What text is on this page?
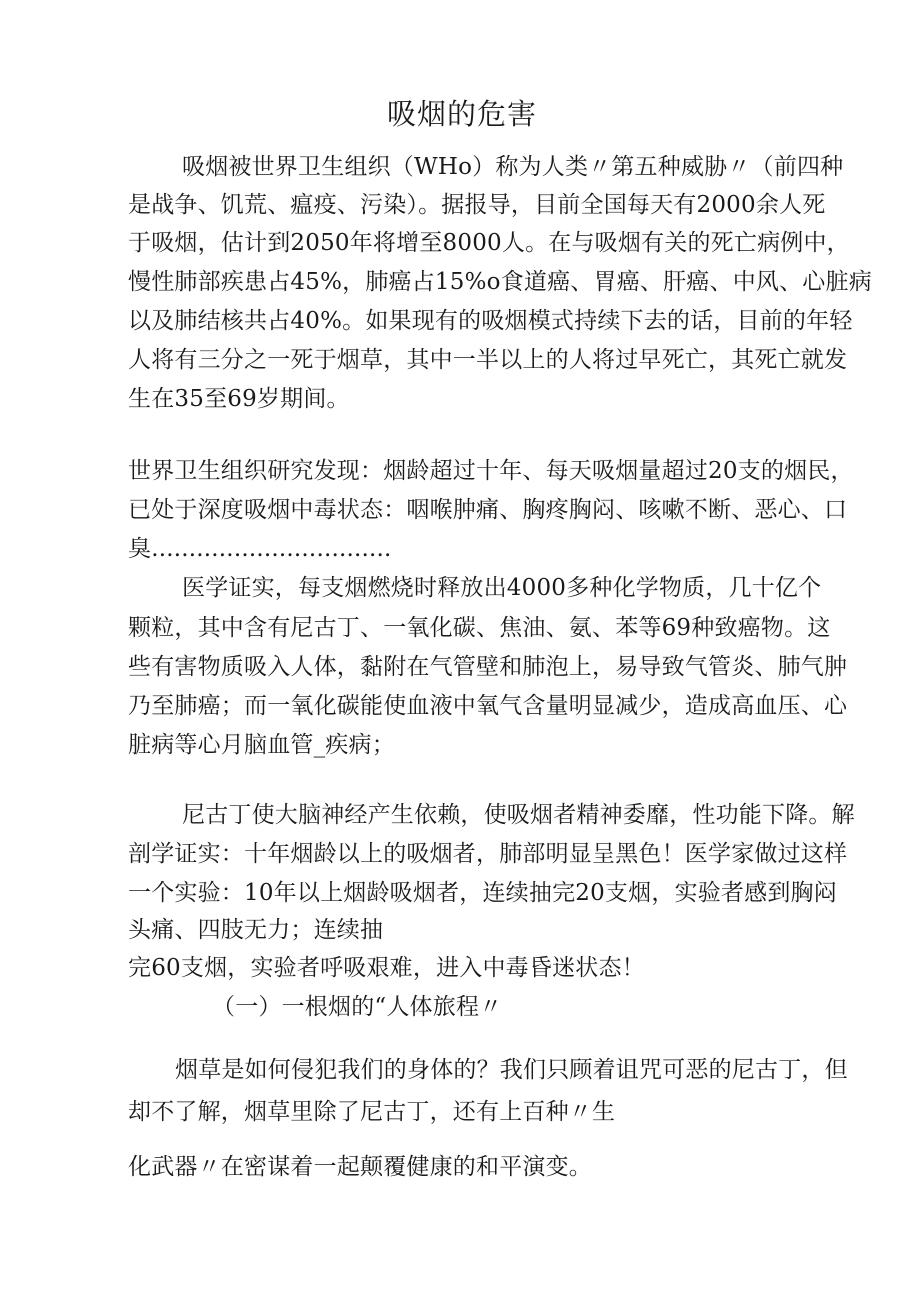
吸烟的危害
吸烟被世界卫生组织（WHo）称为人类〃第五种威胁〃（前四种
是战争、饥荒、瘟疫、污染）。据报导，目前全国每天有2000余人死
于吸烟，估计到2050年将增至8000人。在与吸烟有关的死亡病例中，
慢性肺部疾患占45%，肺癌占15%o食道癌、胃癌、肝癌、中风、心脏病
以及肺结核共占40%。如果现有的吸烟模式持续下去的话，目前的年轻
人将有三分之一死于烟草，其中一半以上的人将过早死亡，其死亡就发
生在35至69岁期间。
世界卫生组织研究发现：烟龄超过十年、每天吸烟量超过20支的烟民，
已处于深度吸烟中毒状态：咽喉肿痛、胸疼胸闷、咳嗽不断、恶心、口
臭................................
医学证实，每支烟燃烧时释放出4000多种化学物质，几十亿个
颗粒，其中含有尼古丁、一氧化碳、焦油、氨、苯等69种致癌物。这
些有害物质吸入人体，黏附在气管壁和肺泡上，易导致气管炎、肺气肿
乃至肺癌；而一氧化碳能使血液中氧气含量明显减少，造成高血压、心
脏病等心月脑血管_疾病；
尼古丁使大脑神经产生依赖，使吸烟者精神委靡，性功能下降。解
剖学证实：十年烟龄以上的吸烟者，肺部明显呈黑色！医学家做过这样
一个实验：10年以上烟龄吸烟者，连续抽完20支烟，实验者感到胸闷
头痛、四肢无力；连续抽
完60支烟，实验者呼吸艰难，进入中毒昏迷状态！
（一）一根烟的“人体旅程〃
烟草是如何侵犯我们的身体的？我们只顾着诅咒可恶的尼古丁，但
却不了解，烟草里除了尼古丁，还有上百种〃生
化武器〃在密谋着一起颠覆健康的和平演变。
